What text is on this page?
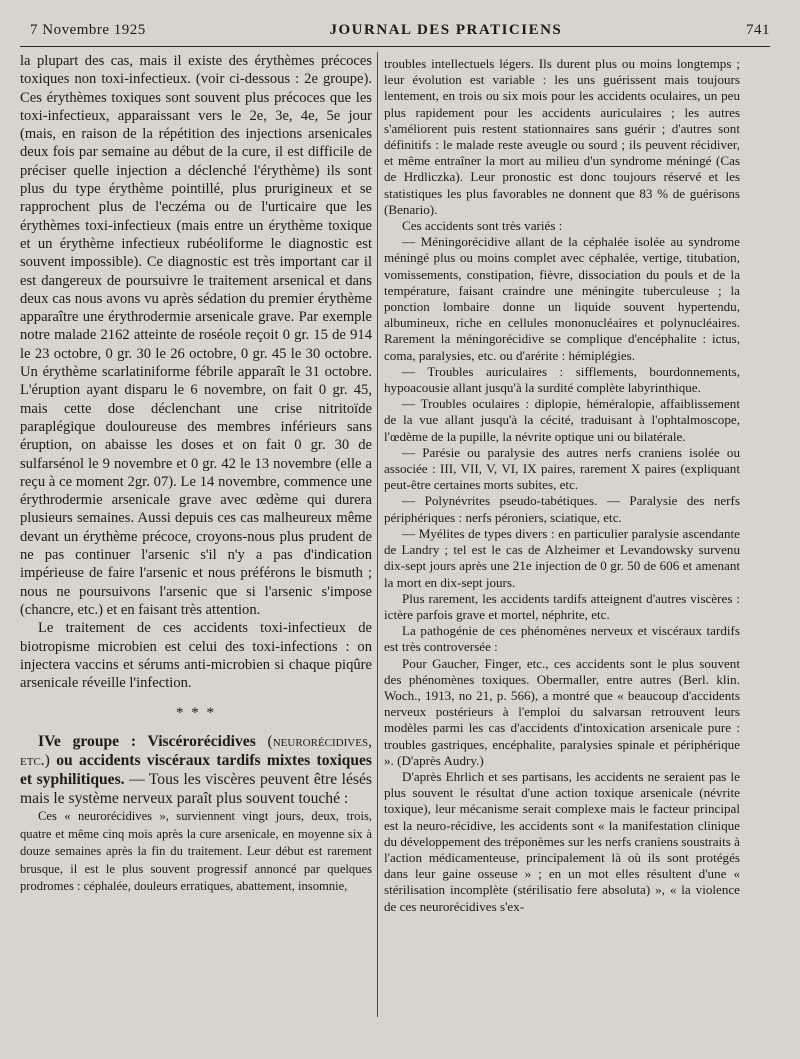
7 Novembre 1925	JOURNAL DES PRATICIENS	741

la plupart des cas, mais il existe des érythèmes précoces toxiques non toxi-infectieux. (voir ci-dessous : 2e groupe). Ces érythèmes toxiques sont souvent plus précoces que les toxi-infectieux, apparaissant vers le 2e, 3e, 4e, 5e jour (mais, en raison de la répétition des injections arsenicales deux fois par semaine au début de la cure, il est difficile de préciser quelle injection a déclenché l'érythème) ils sont plus du type érythème pointillé, plus prurigineux et se rapprochent plus de l'eczéma ou de l'urticaire que les érythèmes toxi-infectieux (mais entre un érythème toxique et un érythème infectieux rubéoliforme le diagnostic est souvent impossible). Ce diagnostic est très important car il est dangereux de poursuivre le traitement arsenical et dans deux cas nous avons vu après sédation du premier érythème apparaître une érythrodermie arsenicale grave. Par exemple notre malade 2162 atteinte de roséole reçoit 0 gr. 15 de 914 le 23 octobre, 0 gr. 30 le 26 octobre, 0 gr. 45 le 30 octobre. Un érythème scarlatiniforme fébrile apparaît le 31 octobre. L'éruption ayant disparu le 6 novembre, on fait 0 gr. 45, mais cette dose déclenchant une crise nitritoïde paraplégique douloureuse des membres inférieurs sans éruption, on abaisse les doses et on fait 0 gr. 30 de sulfarsénol le 9 novembre et 0 gr. 42 le 13 novembre (elle a reçu à ce moment 2gr. 07). Le 14 novembre, commence une érythrodermie arsenicale grave avec œdème qui durera plusieurs semaines. Aussi depuis ces cas malheureux même devant un érythème précoce, croyons-nous plus prudent de ne pas continuer l'arsenic s'il n'y a pas d'indication impérieuse de faire l'arsenic et nous préférons le bismuth ; nous ne poursuivons l'arsenic que si l'arsenic s'impose (chancre, etc.) et en faisant très attention.

Le traitement de ces accidents toxi-infectieux de biotropisme microbien est celui des toxi-infections : on injectera vaccins et sérums anti-microbien si chaque piqûre arsenicale réveille l'infection.

* * *

IVe groupe : Viscérorécidives (neurorécidives, etc.) ou accidents viscéraux tardifs mixtes toxiques et syphilitiques. — Tous les viscères peuvent être lésés mais le système nerveux paraît plus souvent touché :

Ces « neurorécidives », surviennent vingt jours, deux, trois, quatre et même cinq mois après la cure arsenicale, en moyenne six à douze semaines après la fin du traitement. Leur début est rarement brusque, il est le plus souvent progressif annoncé par quelques prodromes : céphalée, douleurs erratiques, abattement, insomnie,

troubles intellectuels légers. Ils durent plus ou moins longtemps ; leur évolution est variable : les uns guérissent mais toujours lentement, en trois ou six mois pour les accidents oculaires, un peu plus rapidement pour les accidents auriculaires ; les autres s'améliorent puis restent stationnaires sans guérir ; d'autres sont définitifs : le malade reste aveugle ou sourd ; ils peuvent récidiver, et même entraîner la mort au milieu d'un syndrome méningé (Cas de Hrdliczka). Leur pronostic est donc toujours réservé et les statistiques les plus favorables ne donnent que 83 % de guérisons (Benario).

Ces accidents sont très variés :

— Méningorécidive allant de la céphalée isolée au syndrome méningé plus ou moins complet avec céphalée, vertige, titubation, vomissements, constipation, fièvre, dissociation du pouls et de la température, faisant craindre une méningite tuberculeuse ; la ponction lombaire donne un liquide souvent hypertendu, albumineux, riche en cellules mononucléaires et polynucléaires. Rarement la méningorécidive se complique d'encéphalite : ictus, coma, paralysies, etc. ou d'arérite : hémiplégies.

— Troubles auriculaires : sifflements, bourdonnements, hypoacousie allant jusqu'à la surdité complète labyrinthique.

— Troubles oculaires : diplopie, héméralopie, affaiblissement de la vue allant jusqu'à la cécité, traduisant à l'ophtalmoscope, l'œdème de la pupille, la névrite optique uni ou bilatérale.

— Parésie ou paralysie des autres nerfs craniens isolée ou associée : III, VII, V, VI, IX paires, rarement X paires (expliquant peut-être certaines morts subites, etc.

— Polynévrites pseudo-tabétiques. — Paralysie des nerfs périphériques : nerfs péroniers, sciatique, etc.

— Myélites de types divers : en particulier paralysie ascendante de Landry ; tel est le cas de Alzheimer et Levandowsky survenu dix-sept jours après une 21e injection de 0 gr. 50 de 606 et amenant la mort en dix-sept jours.

Plus rarement, les accidents tardifs atteignent d'autres viscères : ictère parfois grave et mortel, néphrite, etc.

La pathogénie de ces phénomènes nerveux et viscéraux tardifs est très controversée :

Pour Gaucher, Finger, etc., ces accidents sont le plus souvent des phénomènes toxiques. Obermaller, entre autres (Berl. klin. Woch., 1913, no 21, p. 566), a montré que « beaucoup d'accidents nerveux postérieurs à l'emploi du salvarsan retrouvent leurs modèles parmi les cas d'accidents d'intoxication arsenicale pure : troubles gastriques, encéphalite, paralysies spinale et périphérique ». (D'après Audry.)

D'après Ehrlich et ses partisans, les accidents ne seraient pas le plus souvent le résultat d'une action toxique arsenicale (névrite toxique), leur mécanisme serait complexe mais le facteur principal est la neuro-récidive, les accidents sont « la manifestation clinique du développement des tréponèmes sur les nerfs craniens soustraits à l'action médicamenteuse, principalement là où ils sont protégés dans leur gaine osseuse » ; en un mot elles résultent d'une « stérilisation incomplète (stérilisatio fere absoluta) », « la violence de ces neurorécidives s'ex-
